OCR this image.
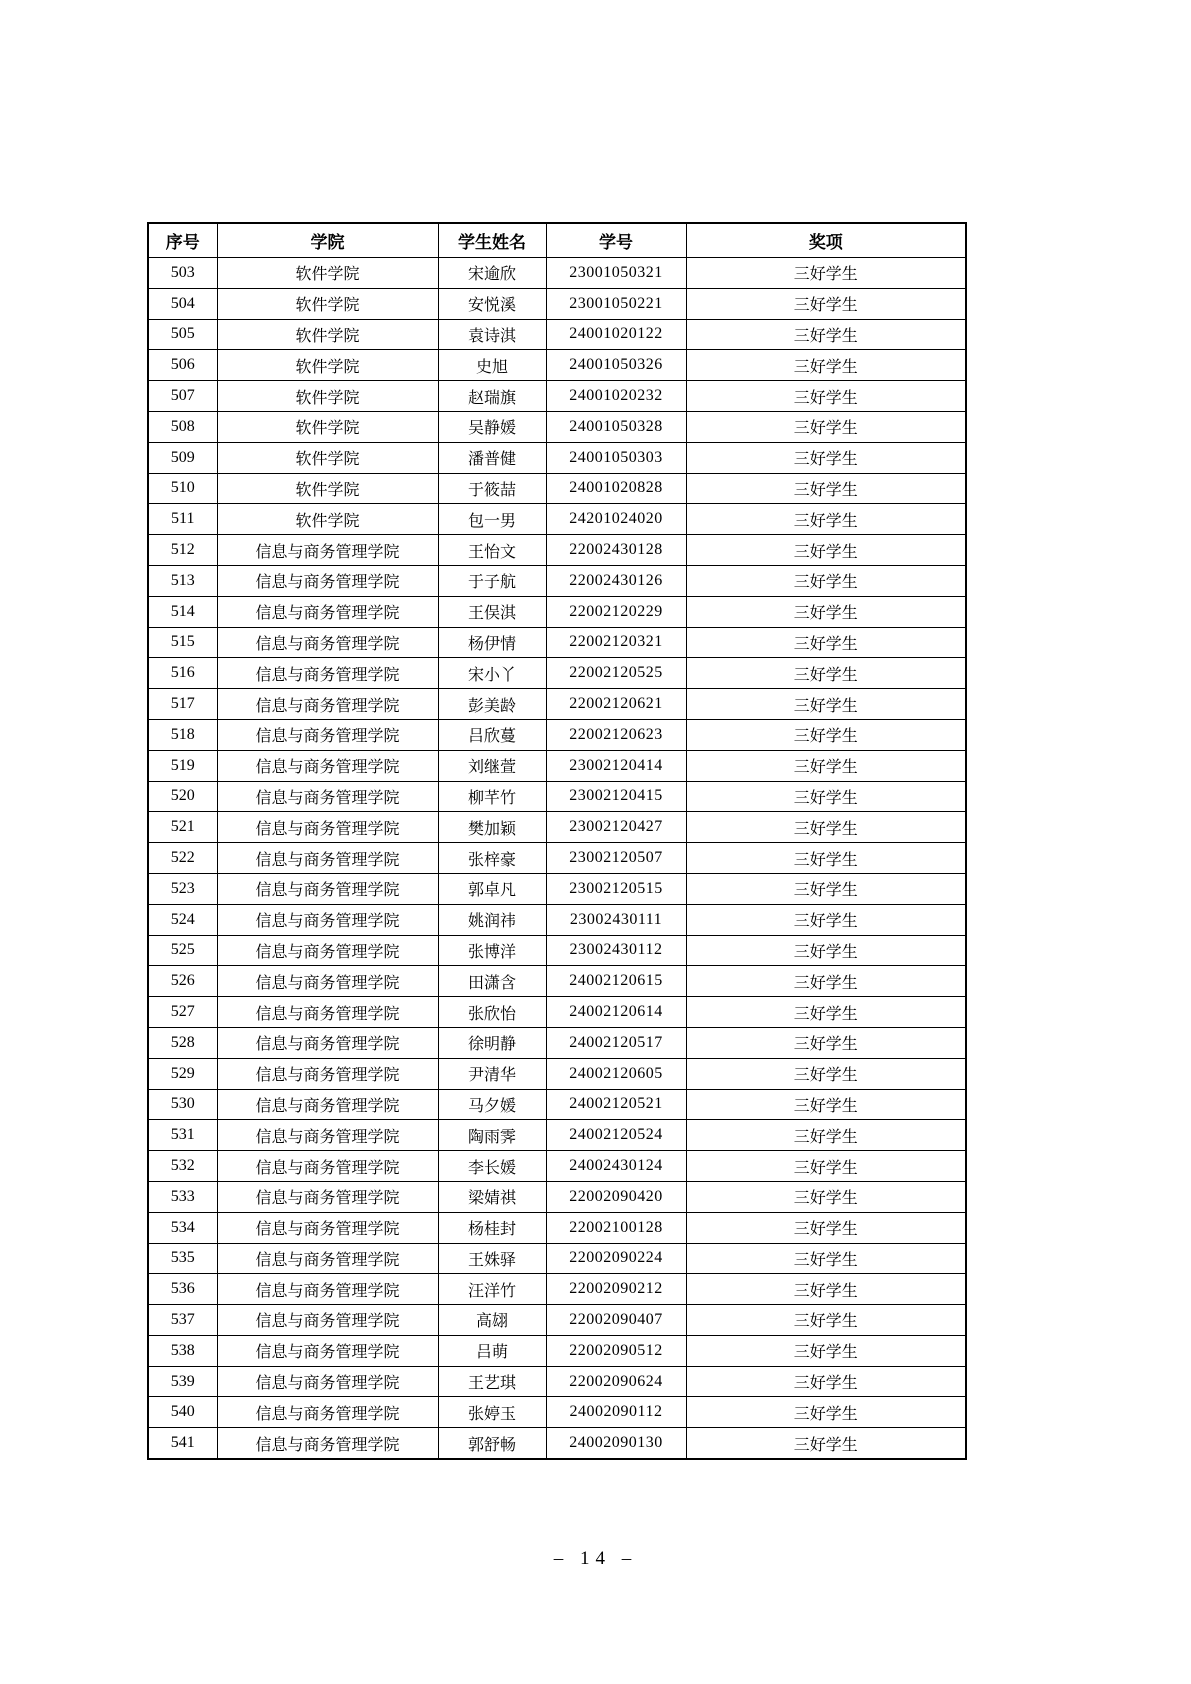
序号	学院	学生姓名	学号	奖项
503	软件学院	宋逾欣	23001050321	三好学生
504	软件学院	安悦溪	23001050221	三好学生
505	软件学院	袁诗淇	24001020122	三好学生
506	软件学院	史旭	24001050326	三好学生
507	软件学院	赵瑞旗	24001020232	三好学生
508	软件学院	吴静媛	24001050328	三好学生
509	软件学院	潘普健	24001050303	三好学生
510	软件学院	于筱喆	24001020828	三好学生
511	软件学院	包一男	24201024020	三好学生
512	信息与商务管理学院	王怡文	22002430128	三好学生
513	信息与商务管理学院	于子航	22002430126	三好学生
514	信息与商务管理学院	王俣淇	22002120229	三好学生
515	信息与商务管理学院	杨伊情	22002120321	三好学生
516	信息与商务管理学院	宋小丫	22002120525	三好学生
517	信息与商务管理学院	彭美龄	22002120621	三好学生
518	信息与商务管理学院	吕欣蔓	22002120623	三好学生
519	信息与商务管理学院	刘继萱	23002120414	三好学生
520	信息与商务管理学院	柳芊竹	23002120415	三好学生
521	信息与商务管理学院	樊加颖	23002120427	三好学生
522	信息与商务管理学院	张梓豪	23002120507	三好学生
523	信息与商务管理学院	郭卓凡	23002120515	三好学生
524	信息与商务管理学院	姚润祎	23002430111	三好学生
525	信息与商务管理学院	张博洋	23002430112	三好学生
526	信息与商务管理学院	田潇含	24002120615	三好学生
527	信息与商务管理学院	张欣怡	24002120614	三好学生
528	信息与商务管理学院	徐明静	24002120517	三好学生
529	信息与商务管理学院	尹清华	24002120605	三好学生
530	信息与商务管理学院	马夕媛	24002120521	三好学生
531	信息与商务管理学院	陶雨霁	24002120524	三好学生
532	信息与商务管理学院	李长媛	24002430124	三好学生
533	信息与商务管理学院	梁婧祺	22002090420	三好学生
534	信息与商务管理学院	杨桂封	22002100128	三好学生
535	信息与商务管理学院	王姝驿	22002090224	三好学生
536	信息与商务管理学院	汪洋竹	22002090212	三好学生
537	信息与商务管理学院	高翃	22002090407	三好学生
538	信息与商务管理学院	吕萌	22002090512	三好学生
539	信息与商务管理学院	王艺琪	22002090624	三好学生
540	信息与商务管理学院	张婷玉	24002090112	三好学生
541	信息与商务管理学院	郭舒畅	24002090130	三好学生
– 14 –
